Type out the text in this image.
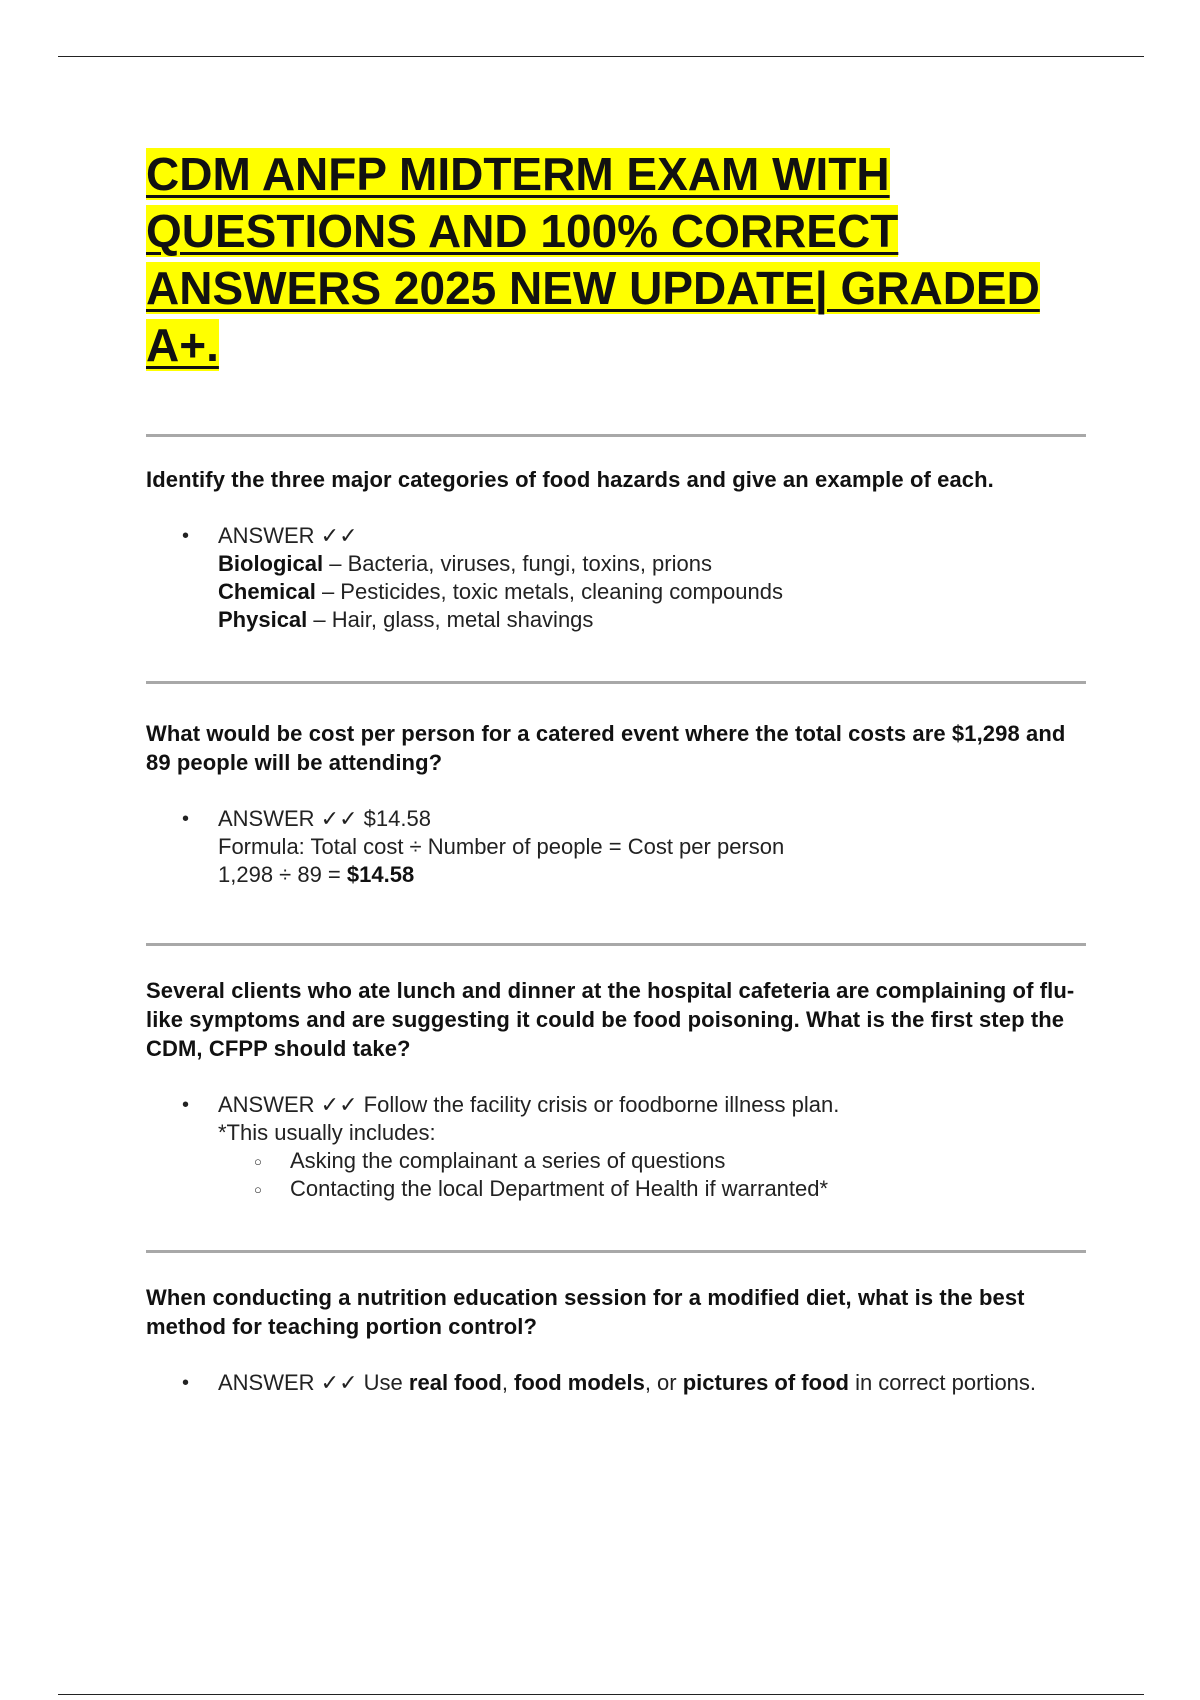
CDM ANFP MIDTERM EXAM WITH QUESTIONS AND 100% CORRECT ANSWERS 2025 NEW UPDATE| GRADED A+.

Identify the three major categories of food hazards and give an example of each.

• ANSWER ✓✓
Biological – Bacteria, viruses, fungi, toxins, prions
Chemical – Pesticides, toxic metals, cleaning compounds
Physical – Hair, glass, metal shavings

What would be cost per person for a catered event where the total costs are $1,298 and 89 people will be attending?

• ANSWER ✓✓ $14.58
Formula: Total cost ÷ Number of people = Cost per person
1,298 ÷ 89 = $14.58

Several clients who ate lunch and dinner at the hospital cafeteria are complaining of flu-like symptoms and are suggesting it could be food poisoning. What is the first step the CDM, CFPP should take?

• ANSWER ✓✓ Follow the facility crisis or foodborne illness plan.
*This usually includes:
○ Asking the complainant a series of questions
○ Contacting the local Department of Health if warranted*

When conducting a nutrition education session for a modified diet, what is the best method for teaching portion control?

• ANSWER ✓✓ Use real food, food models, or pictures of food in correct portions.
